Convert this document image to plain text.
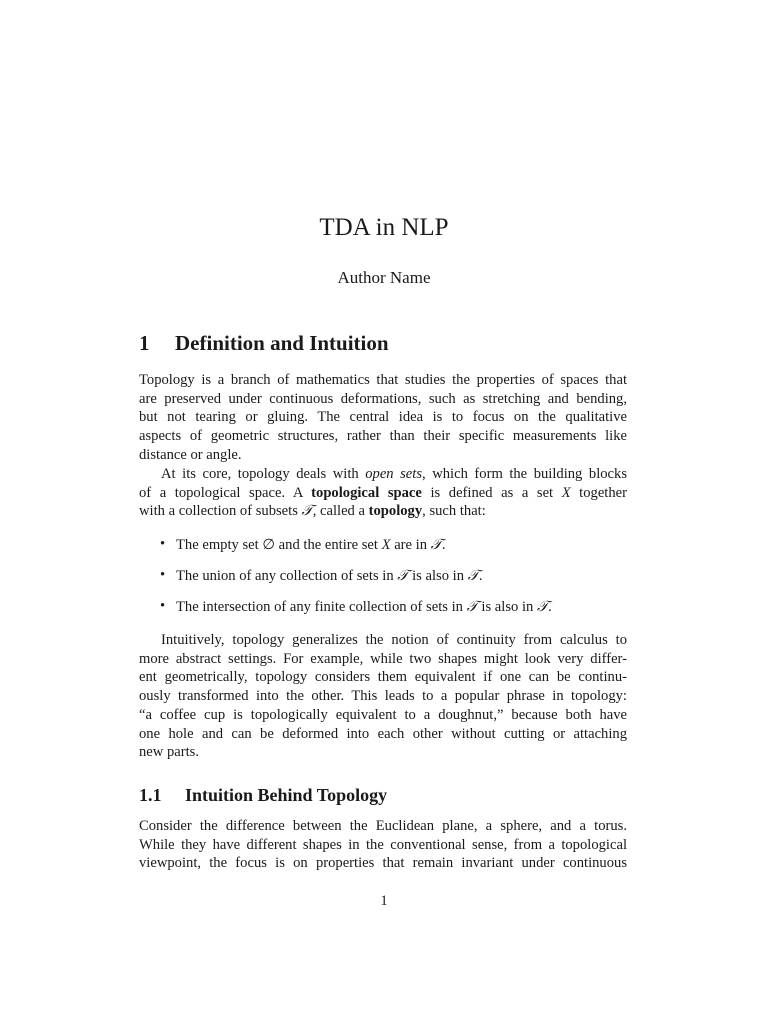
TDA in NLP
Author Name
1 Definition and Intuition
Topology is a branch of mathematics that studies the properties of spaces that
are preserved under continuous deformations, such as stretching and bending,
but not tearing or gluing. The central idea is to focus on the qualitative
aspects of geometric structures, rather than their specific measurements like
distance or angle.
At its core, topology deals with open sets, which form the building blocks
of a topological space. A topological space is defined as a set X together
with a collection of subsets 𝒯, called a topology, such that:
• The empty set ∅ and the entire set X are in 𝒯.
• The union of any collection of sets in 𝒯 is also in 𝒯.
• The intersection of any finite collection of sets in 𝒯 is also in 𝒯.
Intuitively, topology generalizes the notion of continuity from calculus to
more abstract settings. For example, while two shapes might look very differ-
ent geometrically, topology considers them equivalent if one can be continu-
ously transformed into the other. This leads to a popular phrase in topology:
“a coffee cup is topologically equivalent to a doughnut,” because both have
one hole and can be deformed into each other without cutting or attaching
new parts.
1.1 Intuition Behind Topology
Consider the difference between the Euclidean plane, a sphere, and a torus.
While they have different shapes in the conventional sense, from a topological
viewpoint, the focus is on properties that remain invariant under continuous
1
